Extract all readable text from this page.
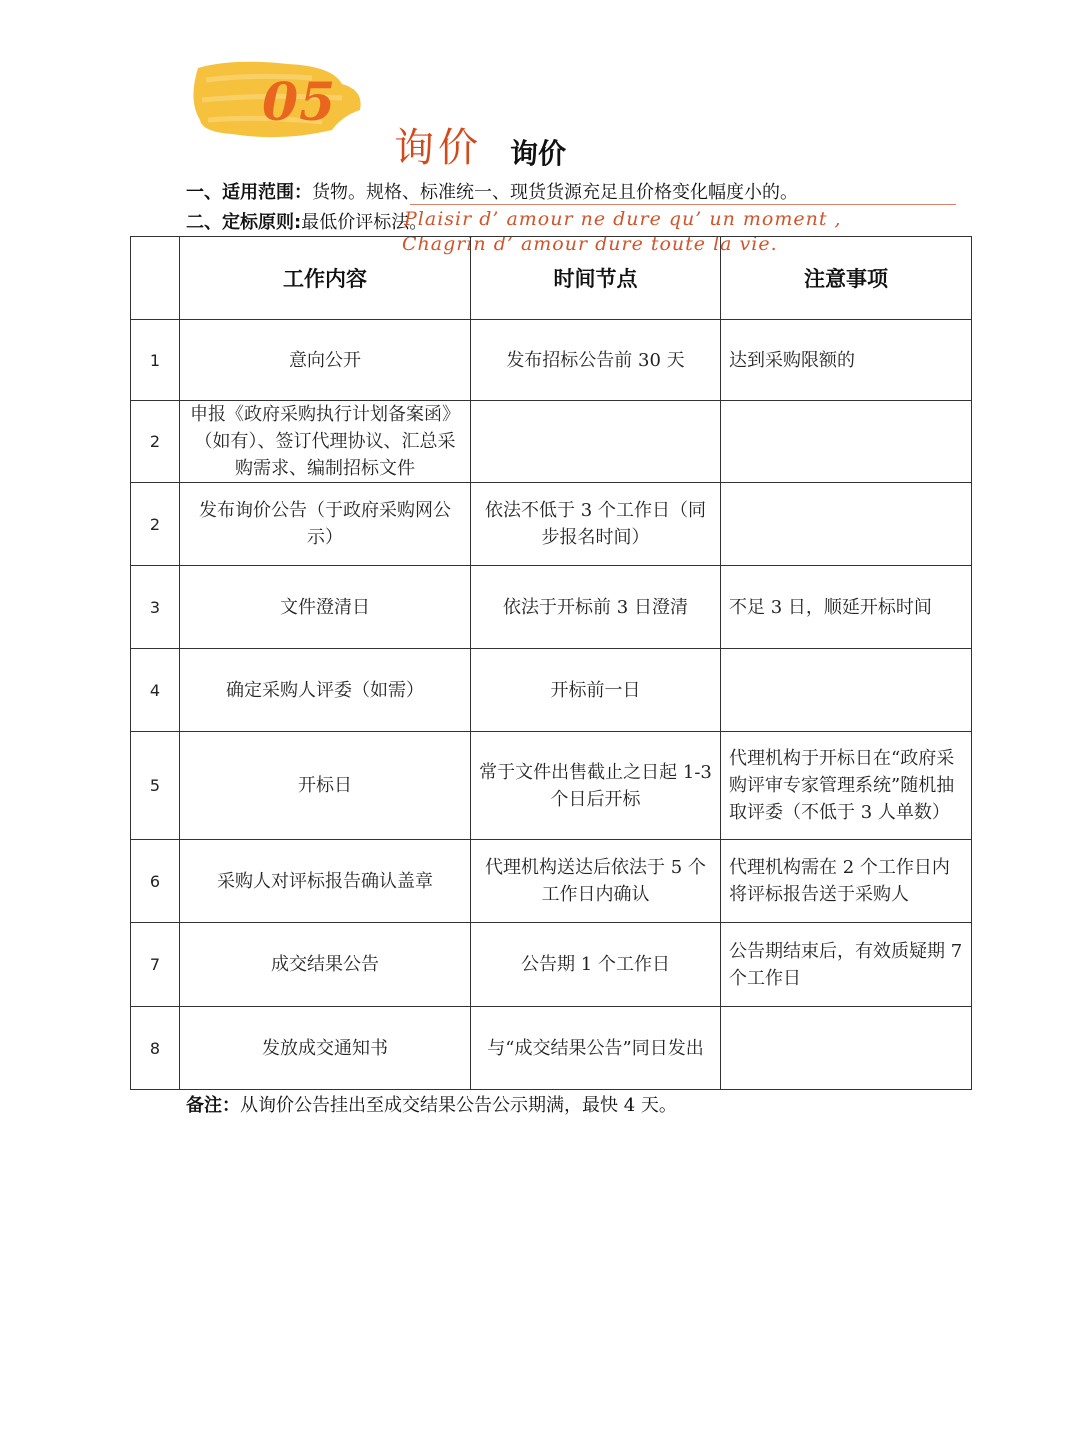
05
询价 询价
一、适用范围：货物。规格、标准统一、现货货源充足且价格变化幅度小的。
二、定标原则:最低价评标法。
Plaisir d’ amour ne dure qu’ un moment ,
Chagrin d’ amour dure toute la vie.
	工作内容	时间节点	注意事项
1	意向公开	发布招标公告前 30 天	达到采购限额的
2	申报《政府采购执行计划备案函》（如有）、签订代理协议、汇总采购需求、编制招标文件		
2	发布询价公告（于政府采购网公示）	依法不低于 3 个工作日（同步报名时间）	
3	文件澄清日	依法于开标前 3 日澄清	不足 3 日，顺延开标时间
4	确定采购人评委（如需）	开标前一日	
5	开标日	常于文件出售截止之日起 1-3 个日后开标	代理机构于开标日在“政府采购评审专家管理系统”随机抽取评委（不低于 3 人单数）
6	采购人对评标报告确认盖章	代理机构送达后依法于 5 个工作日内确认	代理机构需在 2 个工作日内将评标报告送于采购人
7	成交结果公告	公告期 1 个工作日	公告期结束后，有效质疑期 7 个工作日
8	发放成交通知书	与“成交结果公告”同日发出	
备注：从询价公告挂出至成交结果公告公示期满，最快 4 天。
